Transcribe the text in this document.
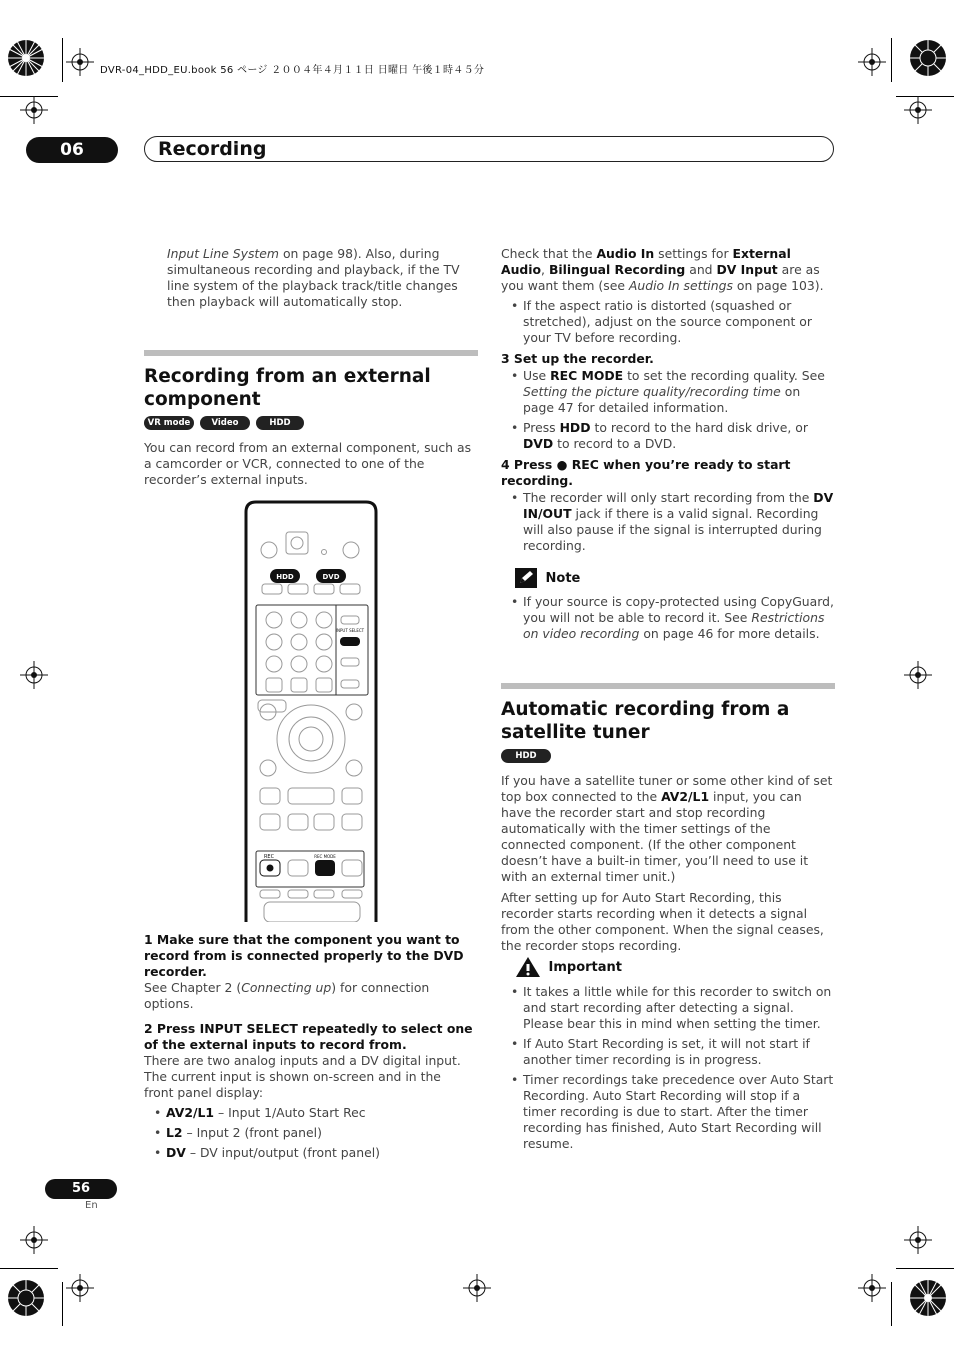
DVR-04_HDD_EU.book 56 ページ ２００４年４月１１日 日曜日 午後１時４５分
06	Recording

Input Line System on page 98). Also, during simultaneous recording and playback, if the TV line system of the playback track/title changes then playback will automatically stop.

Recording from an external component
VR mode Video modeHDD

You can record from an external component, such as a camcorder or VCR, connected to one of the recorder’s external inputs.

HDD	DVD
INPUT SELECT
REC	REC MODE
1 Make sure that the component you want to record from is connected properly to the DVD recorder.

See Chapter 2 (Connecting up) for connection options.

2 Press INPUT SELECT repeatedly to select one of the external inputs to record from.

There are two analog inputs and a DV digital input. The current input is shown on-screen and in the front panel display:

• AV2/L1 – Input 1/Auto Start Rec
• L2 – Input 2 (front panel)
• DV – DV input/output (front panel)

Check that the Audio In settings for External Audio, Bilingual Recording and DV Input are as you want them (see Audio In settings on page 103).

• If the aspect ratio is distorted (squashed or stretched), adjust on the source component or your TV before recording.
3 Set up the recorder.
• Use REC MODE to set the recording quality. See Setting the picture quality/recording time on page 47 for detailed information.
• Press HDD to record to the hard disk drive, or DVD to record to a DVD.
4 Press ● REC when you’re ready to start recording.
• The recorder will only start recording from the DV IN/OUT jack if there is a valid signal. Recording will also pause if the signal is interrupted during recording.
Note
• If your source is copy-protected using CopyGuard, you will not be able to record it. See Restrictions on video recording on page 46 for more details.
Automatic recording from a satellite tuner
HDD

If you have a satellite tuner or some other kind of set top box connected to the AV2/L1 input, you can have the recorder start and stop recording automatically with the timer settings of the connected component. (If the other component doesn’t have a built-in timer, you’ll need to use it with an external timer unit.)

After setting up for Auto Start Recording, this recorder starts recording when it detects a signal from the other component. When the signal ceases, the recorder stops recording.

Important
• It takes a little while for this recorder to switch on and start recording after detecting a signal. Please bear this in mind when setting the timer.
• If Auto Start Recording is set, it will not start if another timer recording is in progress.
• Timer recordings take precedence over Auto Start Recording. Auto Start Recording will stop if a timer recording is due to start. After the timer recording has finished, Auto Start Recording will resume.
56
En
